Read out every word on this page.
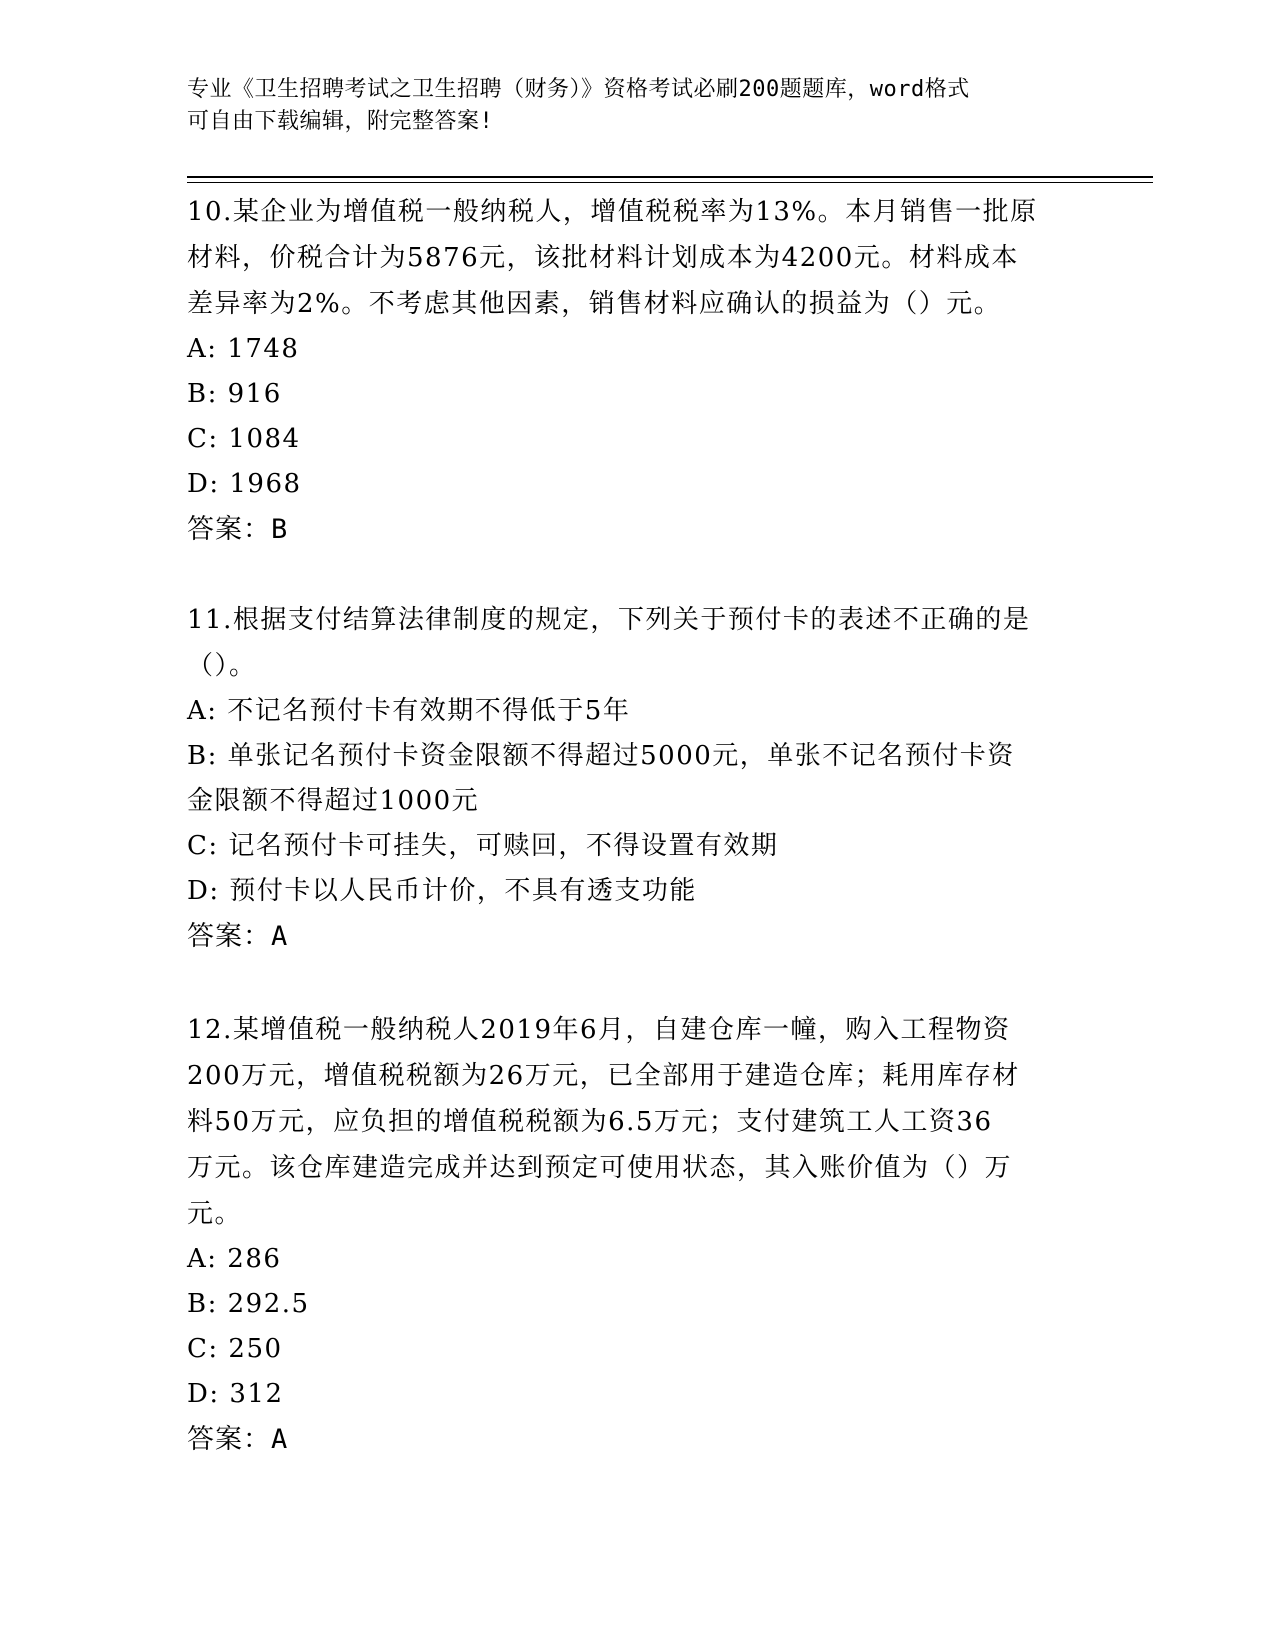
专业《卫生招聘考试之卫生招聘（财务）》资格考试必刷200题题库，word格式
可自由下载编辑，附完整答案!

10.某企业为增值税一般纳税人，增值税税率为13%。本月销售一批原

材料，价税合计为5876元，该批材料计划成本为4200元。材料成本

差异率为2%。不考虑其他因素，销售材料应确认的损益为（）元。

A: 1748

B: 916

C: 1084

D: 1968

答案：B

11.根据支付结算法律制度的规定，下列关于预付卡的表述不正确的是

（）。

A: 不记名预付卡有效期不得低于5年

B: 单张记名预付卡资金限额不得超过5000元，单张不记名预付卡资

金限额不得超过1000元

C: 记名预付卡可挂失，可赎回，不得设置有效期

D: 预付卡以人民币计价，不具有透支功能

答案：A

12.某增值税一般纳税人2019年6月，自建仓库一幢，购入工程物资

200万元，增值税税额为26万元，已全部用于建造仓库；耗用库存材

料50万元，应负担的增值税税额为6.5万元；支付建筑工人工资36

万元。该仓库建造完成并达到预定可使用状态，其入账价值为（）万

元。

A: 286

B: 292.5

C: 250

D: 312

答案：A
